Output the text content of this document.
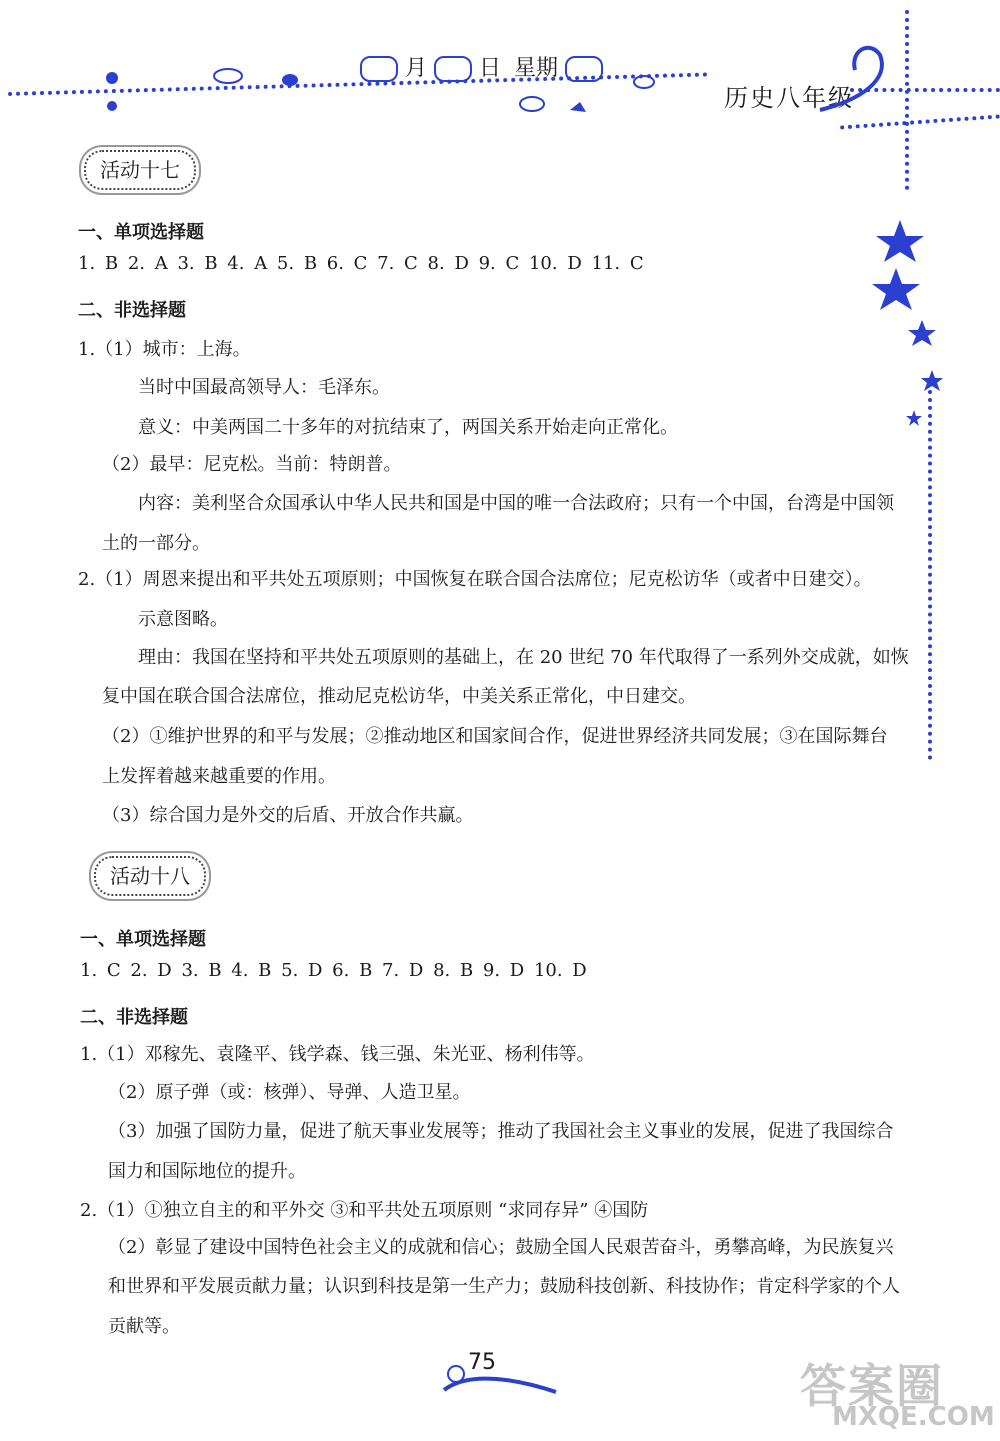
月 日 星期
历史八年级
活动十七
一、单项选择题
1. B 2. A 3. B 4. A 5. B 6. C 7. C 8. D 9. C 10. D 11. C
二、非选择题
1.（1）城市：上海。
当时中国最高领导人：毛泽东。
意义：中美两国二十多年的对抗结束了，两国关系开始走向正常化。
（2）最早：尼克松。当前：特朗普。
内容：美利坚合众国承认中华人民共和国是中国的唯一合法政府；只有一个中国，台湾是中国领
土的一部分。
2.（1）周恩来提出和平共处五项原则；中国恢复在联合国合法席位；尼克松访华（或者中日建交）。
示意图略。
理由：我国在坚持和平共处五项原则的基础上，在 20 世纪 70 年代取得了一系列外交成就，如恢
复中国在联合国合法席位，推动尼克松访华，中美关系正常化，中日建交。
（2）①维护世界的和平与发展；②推动地区和国家间合作，促进世界经济共同发展；③在国际舞台
上发挥着越来越重要的作用。
（3）综合国力是外交的后盾、开放合作共赢。
活动十八
一、单项选择题
1. C 2. D 3. B 4. B 5. D 6. B 7. D 8. B 9. D 10. D
二、非选择题
1.（1）邓稼先、袁隆平、钱学森、钱三强、朱光亚、杨利伟等。
（2）原子弹（或：核弹）、导弹、人造卫星。
（3）加强了国防力量，促进了航天事业发展等；推动了我国社会主义事业的发展，促进了我国综合
国力和国际地位的提升。
2.（1）①独立自主的和平外交 ③和平共处五项原则 “求同存异” ④国防
（2）彰显了建设中国特色社会主义的成就和信心；鼓励全国人民艰苦奋斗，勇攀高峰，为民族复兴
和世界和平发展贡献力量；认识到科技是第一生产力；鼓励科技创新、科技协作；肯定科学家的个人
贡献等。
75	答案圈
MXQE.COM
